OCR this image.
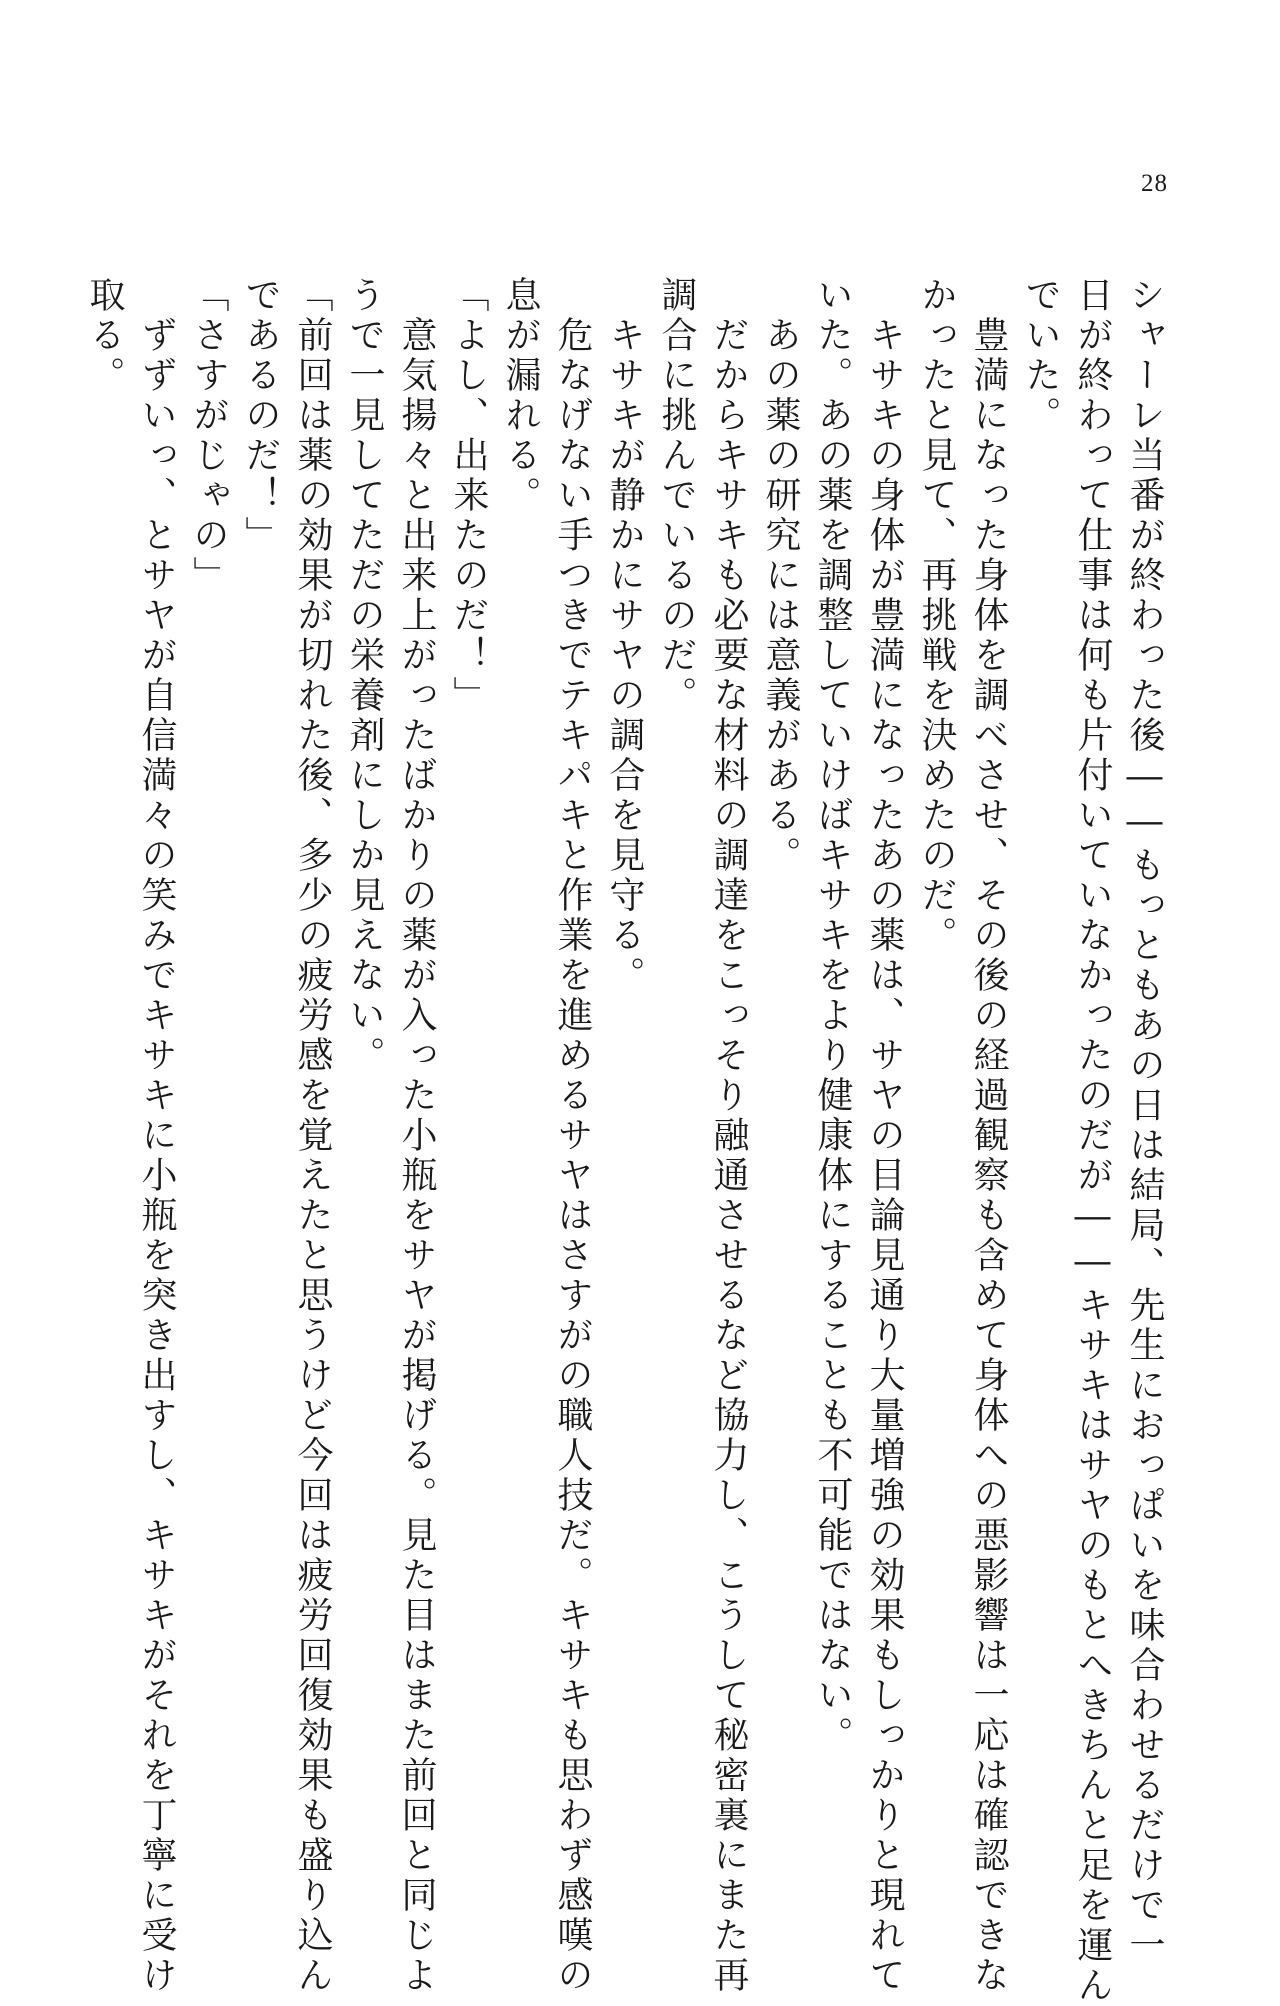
28

シャーレ当番が終わった後――もっともあの日は結局、先生におっぱいを味合わせるだけで一

日が終わって仕事は何も片付いていなかったのだが――キサキはサヤのもとへきちんと足を運ん

でいた。

　豊満になった身体を調べさせ、その後の経過観察も含めて身体への悪影響は一応は確認できな

かったと見て、再挑戦を決めたのだ。

　キサキの身体が豊満になったあの薬は、サヤの目論見通り大量増強の効果もしっかりと現れて

いた。あの薬を調整していけばキサキをより健康体にすることも不可能ではない。

　あの薬の研究には意義がある。

　だからキサキも必要な材料の調達をこっそり融通させるなど協力し、こうして秘密裏にまた再

調合に挑んでいるのだ。

　キサキが静かにサヤの調合を見守る。

　危なげない手つきでテキパキと作業を進めるサヤはさすがの職人技だ。キサキも思わず感嘆の

息が漏れる。

「よし、出来たのだ！」

　意気揚々と出来上がったばかりの薬が入った小瓶をサヤが掲げる。見た目はまた前回と同じよ

うで一見してただの栄養剤にしか見えない。

「前回は薬の効果が切れた後、多少の疲労感を覚えたと思うけど今回は疲労回復効果も盛り込ん

であるのだ！」

「さすがじゃの」

　ずずいっ、とサヤが自信満々の笑みでキサキに小瓶を突き出すし、キサキがそれを丁寧に受け

取る。
